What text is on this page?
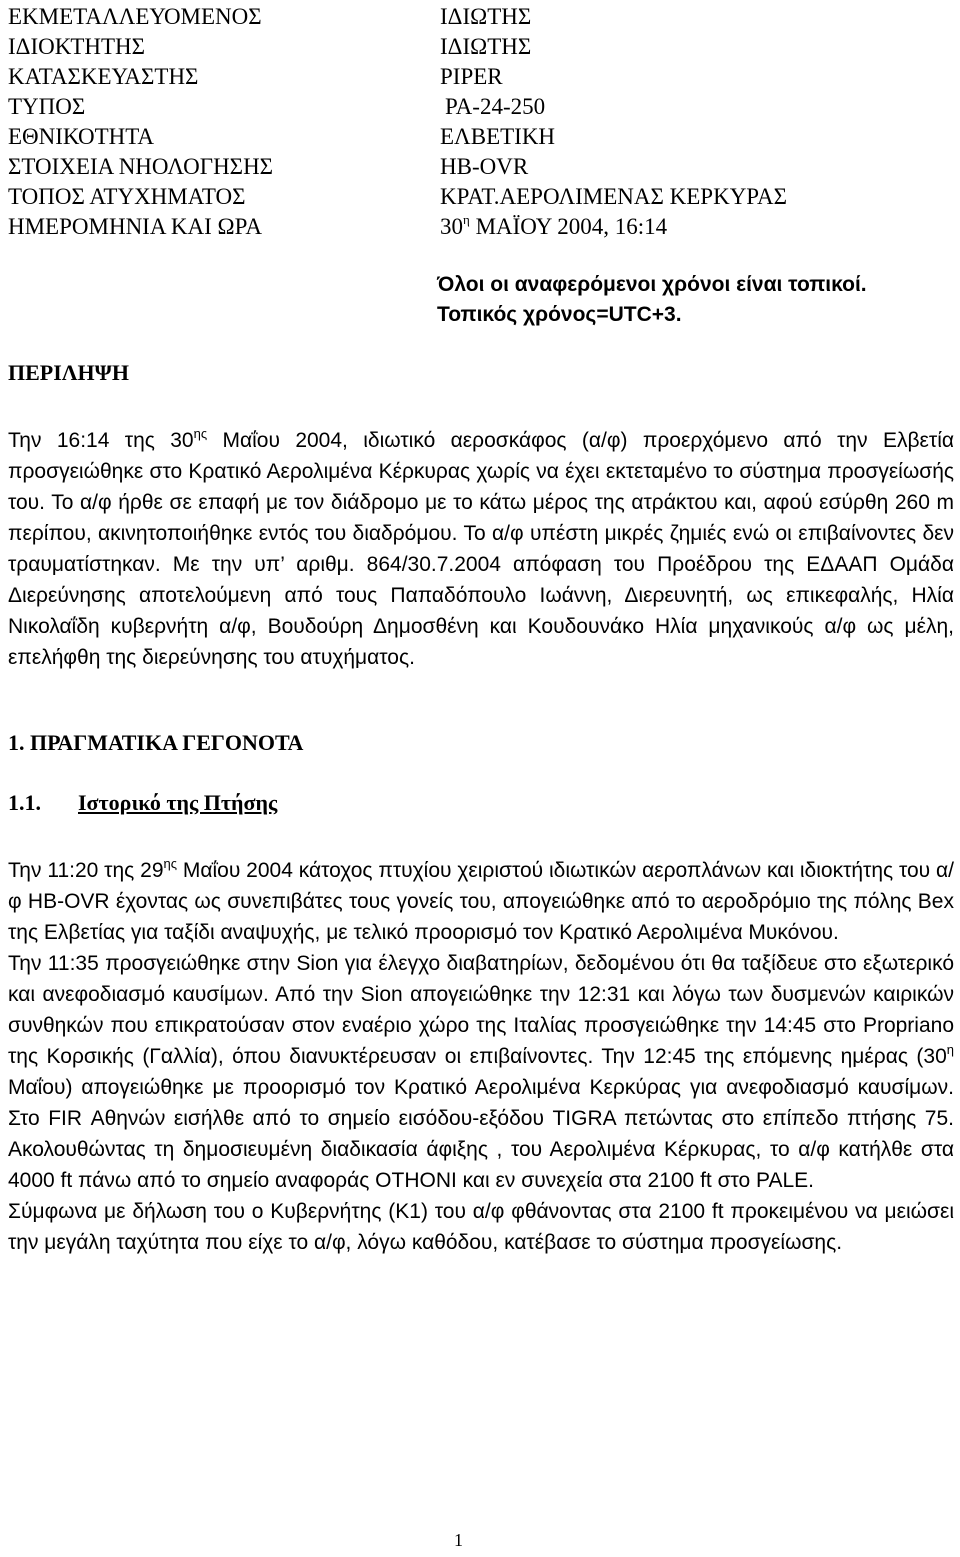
ΕΚΜΕΤΑΛΛΕΥΟΜΕΝΟΣ	ΙΔΙΩΤΗΣ
ΙΔΙΟΚΤΗΤΗΣ	ΙΔΙΩΤΗΣ
ΚΑΤΑΣΚΕΥΑΣΤΗΣ	PIPER
ΤΥΠΟΣ	PA-24-250
ΕΘΝΙΚΟΤΗΤΑ	ΕΛΒΕΤΙΚΗ
ΣΤΟΙΧΕΙΑ ΝΗΟΛΟΓΗΣΗΣ	HB-OVR
ΤΟΠΟΣ ΑΤΥΧΗΜΑΤΟΣ	ΚΡΑΤ.ΑΕΡΟΛΙΜΕΝΑΣ ΚΕΡΚΥΡΑΣ
ΗΜΕΡΟΜΗΝΙΑ ΚΑΙ ΩΡΑ	$30^\eta$ ΜΑΪΟΥ 2004, 16:14
Όλοι οι αναφερόμενοι χρόνοι είναι τοπικοί.
Τοπικός χρόνος=UTC+3.
ΠΕΡΙΛΗΨΗ

Την 16:14 της $30^{\eta\varsigma}$ Μαΐου 2004, ιδιωτικό αεροσκάφος (α/φ) προερχόμενο από την Ελβετία προσγειώθηκε στο Κρατικό Αερολιμένα Κέρκυρας χωρίς να έχει εκτεταμένο το σύστημα προσγείωσής του. Το α/φ ήρθε σε επαφή με τον διάδρομο με το κάτω μέρος της ατράκτου και, αφού εσύρθη 260 m περίπου, ακινητοποιήθηκε εντός του διαδρόμου. Το α/φ υπέστη μικρές ζημιές ενώ οι επιβαίνοντες δεν τραυματίστηκαν. Με την υπ’ αριθμ. 864/30.7.2004 απόφαση του Προέδρου της ΕΔΑΑΠ Ομάδα Διερεύνησης αποτελούμενη από τους Παπαδόπουλο Ιωάννη, Διερευνητή, ως επικεφαλής, Ηλία Νικολαΐδη κυβερνήτη α/φ, Βουδούρη Δημοσθένη και Κουδουνάκο Ηλία μηχανικούς α/φ ως μέλη, επελήφθη της διερεύνησης του ατυχήματος.

1. ΠΡΑΓΜΑΤΙΚΑ ΓΕΓΟΝΟΤΑ
1.1. Ιστορικό της Πτήσης

Την 11:20 της $29^{\eta\varsigma}$ Μαΐου 2004 κάτοχος πτυχίου χειριστού ιδιωτικών αεροπλάνων και ιδιοκτήτης του α/φ HB-OVR έχοντας ως συνεπιβάτες τους γονείς του, απογειώθηκε από το αεροδρόμιο της πόλης Bex της Ελβετίας για ταξίδι αναψυχής, με τελικό προορισμό τον Κρατικό Αερολιμένα Μυκόνου.

Την 11:35 προσγειώθηκε στην Sion για έλεγχο διαβατηρίων, δεδομένου ότι θα ταξίδευε στο εξωτερικό και ανεφοδιασμό καυσίμων. Από την Sion απογειώθηκε την 12:31 και λόγω των δυσμενών καιρικών συνθηκών που επικρατούσαν στον εναέριο χώρο της Ιταλίας προσγειώθηκε την 14:45 στο Propriano της Κορσικής (Γαλλία), όπου διανυκτέρευσαν οι επιβαίνοντες. Την 12:45 της επόμενης ημέρας ($30^\eta$ Μαΐου) απογειώθηκε με προορισμό τον Κρατικό Αερολιμένα Κερκύρας για ανεφοδιασμό καυσίμων. Στο FIR Αθηνών εισήλθε από το σημείο εισόδου-εξόδου TIGRA πετώντας στο επίπεδο πτήσης 75. Ακολουθώντας τη δημοσιευμένη διαδικασία άφιξης , του Αερολιμένα Κέρκυρας, το α/φ κατήλθε στα 4000 ft πάνω από το σημείο αναφοράς OTHONI και εν συνεχεία στα 2100 ft στο PALE.

Σύμφωνα με δήλωση του ο Κυβερνήτης (Κ1) του α/φ φθάνοντας στα 2100 ft προκειμένου να μειώσει την μεγάλη ταχύτητα που είχε το α/φ, λόγω καθόδου, κατέβασε το σύστημα προσγείωσης.

1
